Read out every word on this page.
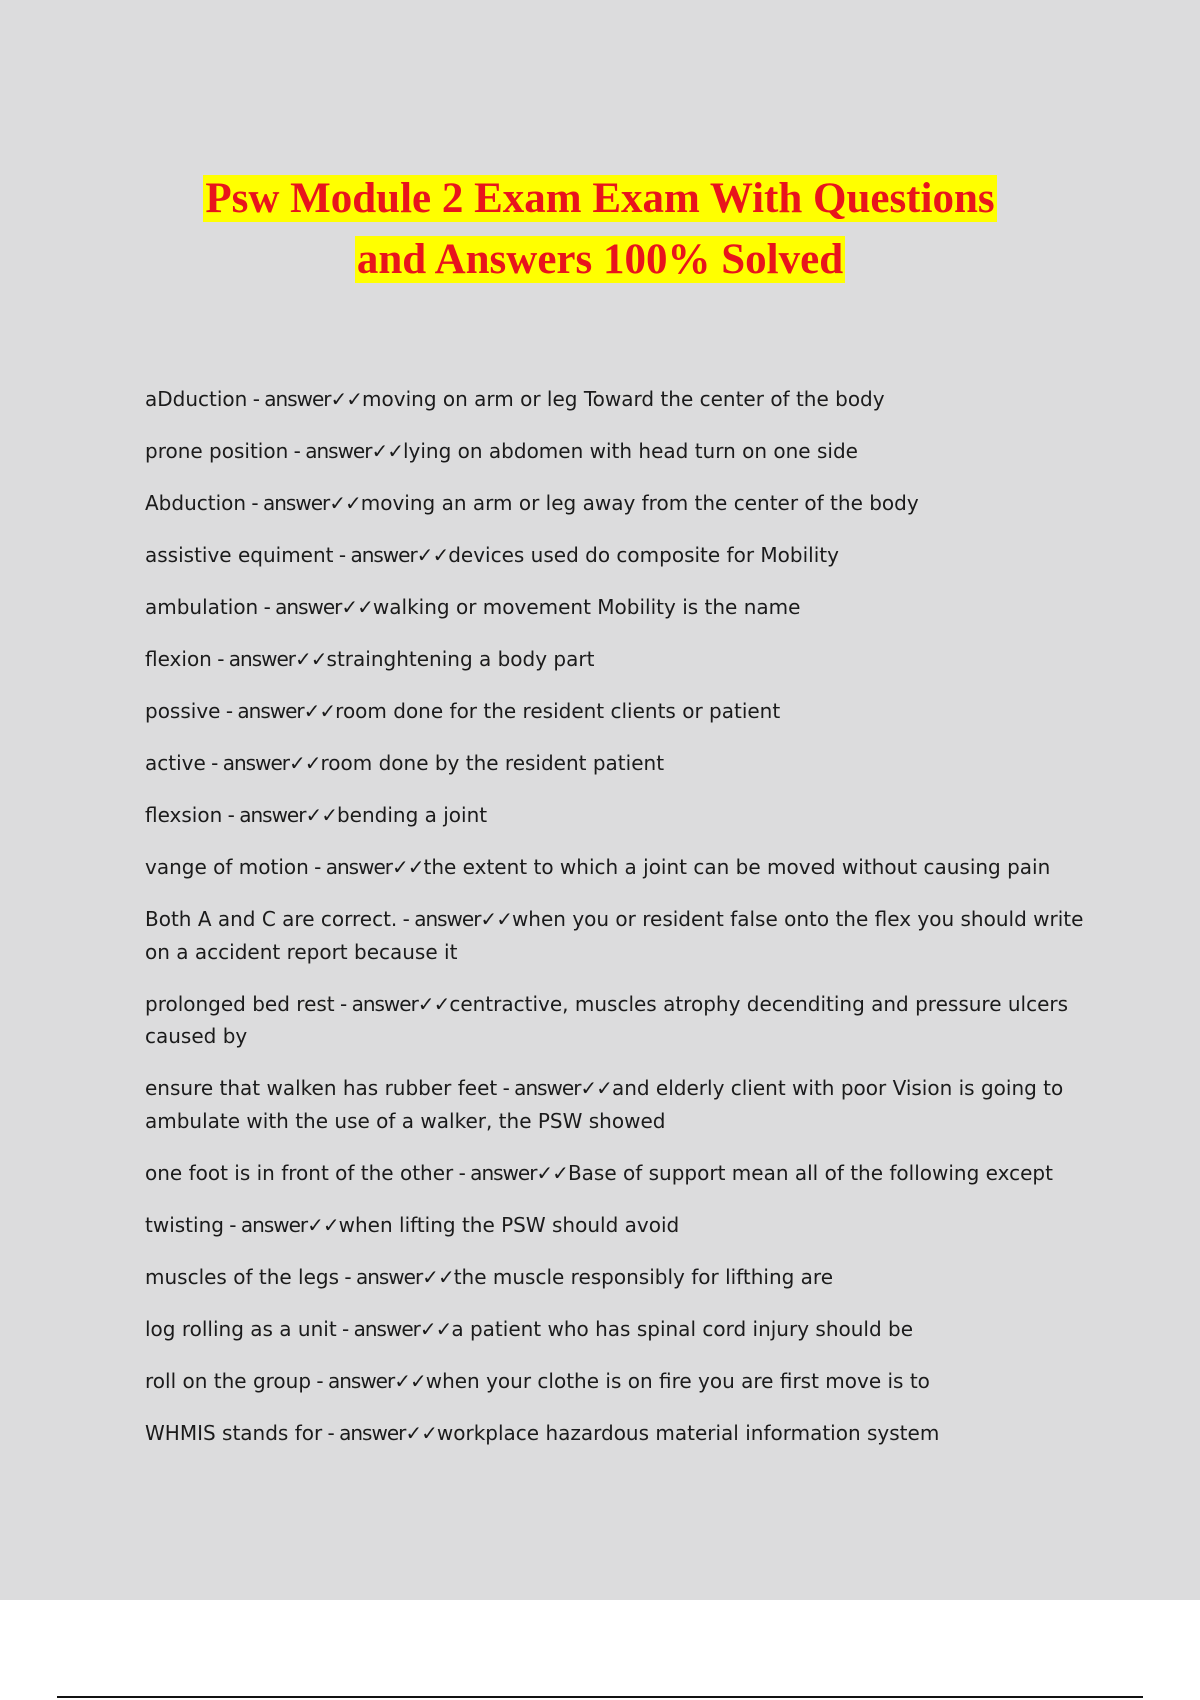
Psw Module 2 Exam Exam With Questions
and Answers 100% Solved
aDduction - answer✓✓moving on arm or leg Toward the center of the body
prone position - answer✓✓lying on abdomen with head turn on one side
Abduction - answer✓✓moving an arm or leg away from the center of the body
assistive equiment - answer✓✓devices used do composite for Mobility
ambulation - answer✓✓walking or movement Mobility is the name
flexion - answer✓✓strainghtening a body part
possive - answer✓✓room done for the resident clients or patient
active - answer✓✓room done by the resident patient
flexsion - answer✓✓bending a joint
vange of motion - answer✓✓the extent to which a joint can be moved without causing pain
Both A and C are correct. - answer✓✓when you or resident false onto the flex you should write on a accident report because it
prolonged bed rest - answer✓✓centractive, muscles atrophy decenditing and pressure ulcers caused by
ensure that walken has rubber feet - answer✓✓and elderly client with poor Vision is going to ambulate with the use of a walker, the PSW showed
one foot is in front of the other - answer✓✓Base of support mean all of the following except
twisting - answer✓✓when lifting the PSW should avoid
muscles of the legs - answer✓✓the muscle responsibly for lifthing are
log rolling as a unit - answer✓✓a patient who has spinal cord injury should be
roll on the group - answer✓✓when your clothe is on fire you are first move is to
WHMIS stands for - answer✓✓workplace hazardous material information system
